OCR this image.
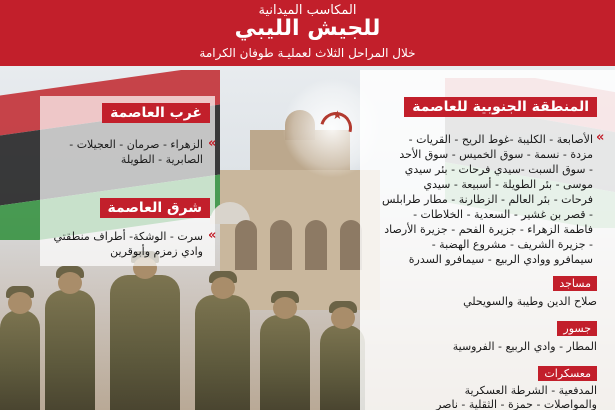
★
المكاسب الميدانية
للجيش الليبي
خلال المراحل الثلاث لعمليـة طوفان الكرامة
غرب العاصمة
«
الزهراء - صرمان - العجيلات -
الصابرية - الطويلة
شرق العاصمة
«
سرت - الوشكة- أطراف منطقتي
وادي زمزم وأبوقرين
المنطقة الجنوبية للعاصمة
«
الأصابعة - الكليبة -غوط الريح - القريات -
مزدة - نسمة - سوق الخميس - سوق الأحد
- سوق السبت -سيدي فرحات - بئر سيدي
موسى - بئر الطويلة - أسبيعة - سيدي
فرحات - بئر العالم - الزطارنة - مطار طرابلس
- قصر بن غشير - السعدية - الخلاطات -
فاطمة الزهراء - جزيرة الفحم - جزيرة الأرصاد
- جزيرة الشريف - مشروع الهضبة -
سيمافرو ووادي الربيع - سيمافرو السدرة
مساجد
صلاح الدين وطيبة والسويحلي
جسور
المطار - وادي الربيع - الفروسية
معسكرات
المدفعية - الشرطة العسكرية
والمواصلات - حمزة - الثقلية - ناصر
